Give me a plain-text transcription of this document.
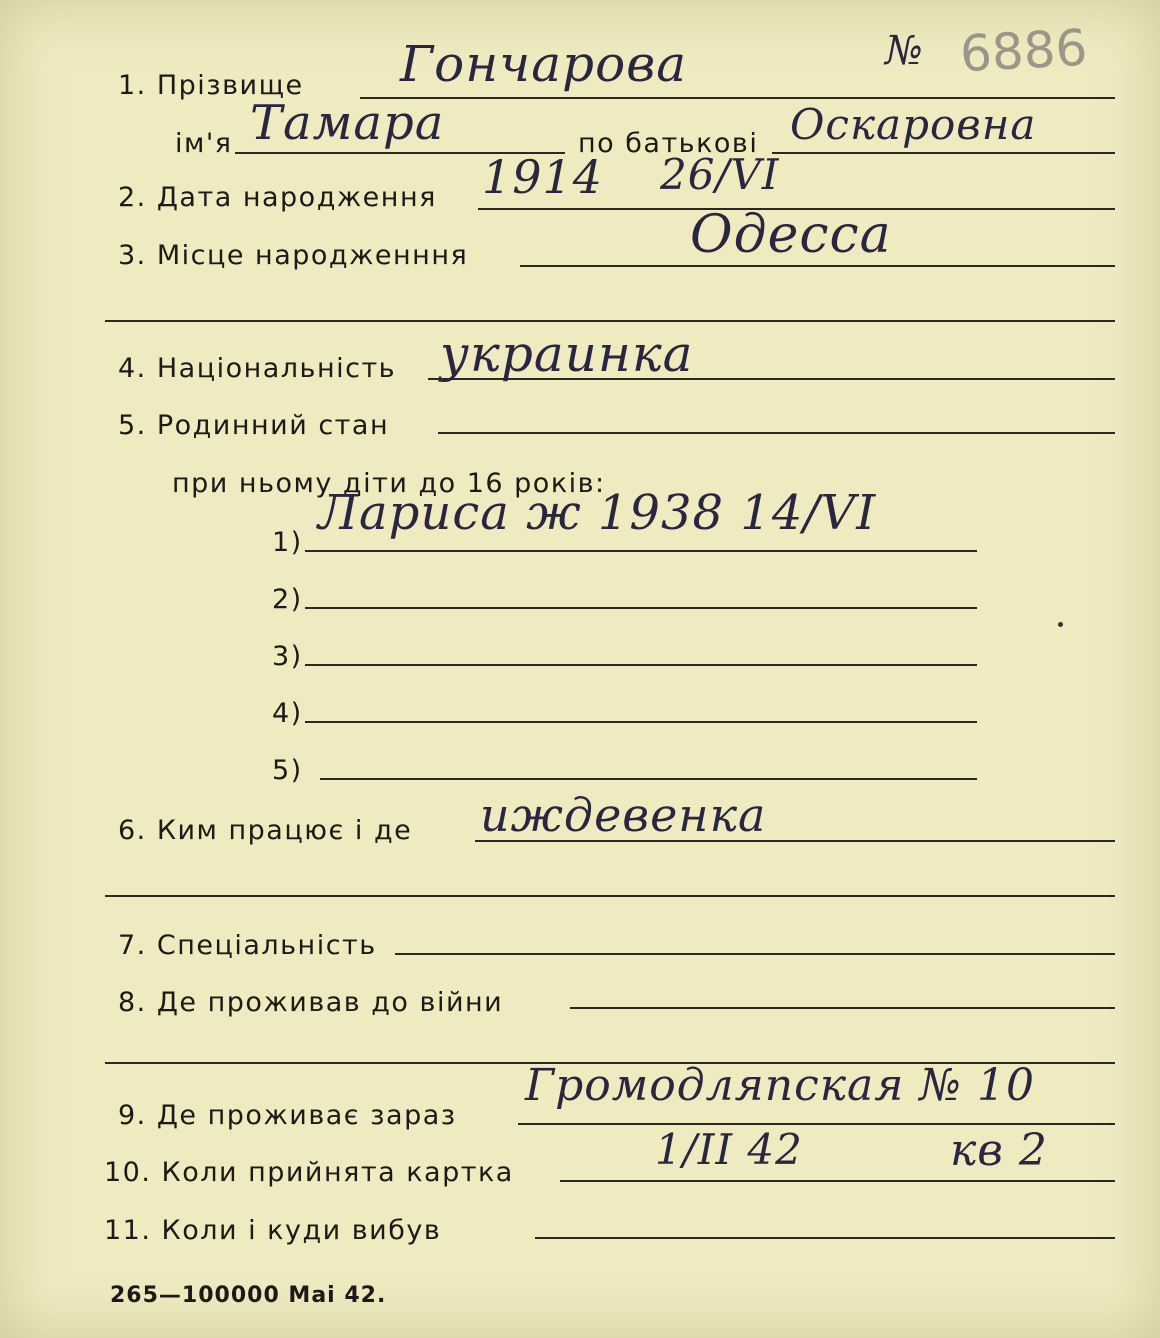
№ 6886
1. Прізвище Гончарова
ім'я Тамара	по батькові Оскаровна
2. Дата народження 1914 26/VI
3. Місце народженння	Одесса
4. Національність украинка
5. Родинний стан
при ньому діти до 16 років:
1)
Лариса ж 1938 14/VI
2)
3)
4)
5)
6. Ким працює і де иждевенка
7. Спеціальність
8. Де проживав до війни
9. Де проживає зараз
Громодляпская № 10
10. Коли прийнята картка	1/II 42	кв 2
11. Коли і куди вибув
265—100000 Мai 42.
